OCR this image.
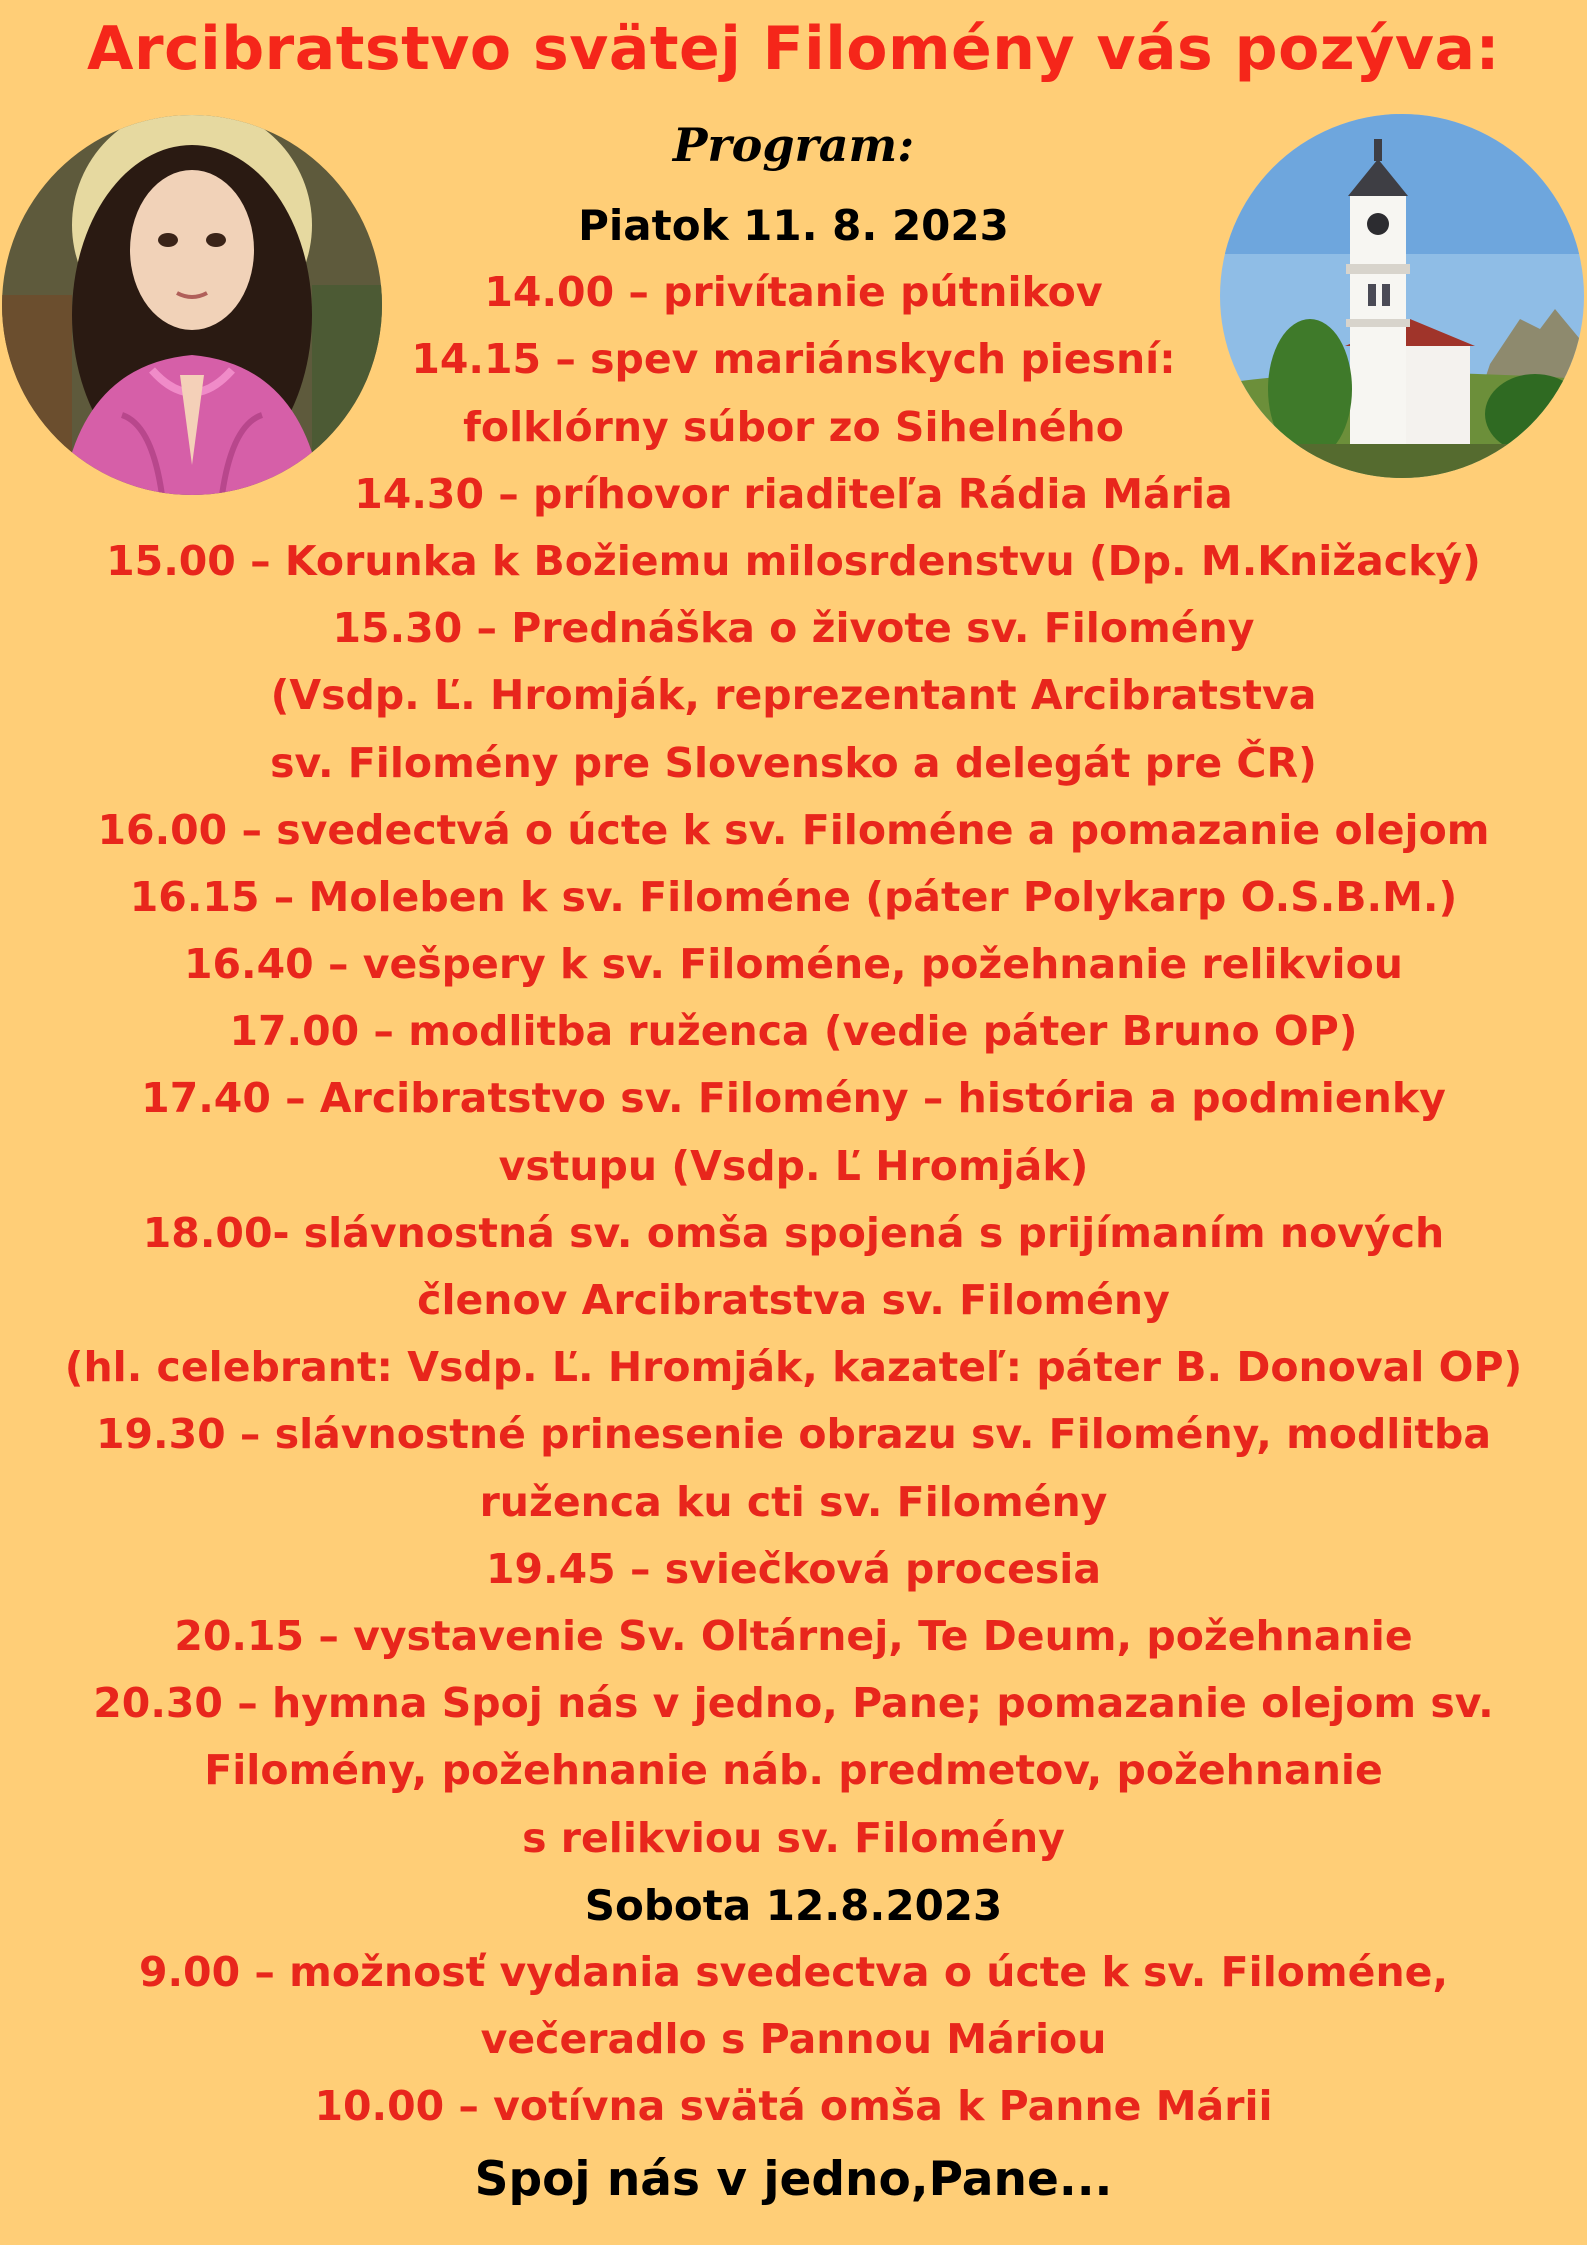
Arcibratstvo svätej Filomény vás pozýva:
Program:
Piatok 11. 8. 2023
14.00 – privítanie pútnikov
14.15 – spev mariánskych piesní:
folklórny súbor zo Sihelného
14.30 – príhovor riaditeľa Rádia Mária
15.00 – Korunka k Božiemu milosrdenstvu (Dp. M.Knižacký)
15.30 – Prednáška o živote sv. Filomény
(Vsdp. Ľ. Hromják, reprezentant Arcibratstva
sv. Filomény pre Slovensko a delegát pre ČR)
16.00 – svedectvá o úcte k sv. Filoméne a pomazanie olejom
16.15 – Moleben k sv. Filoméne (páter Polykarp O.S.B.M.)
16.40 – vešpery k sv. Filoméne, požehnanie relikviou
17.00 – modlitba ruženca (vedie páter Bruno OP)
17.40 – Arcibratstvo sv. Filomény – história a podmienky
vstupu (Vsdp. Ľ Hromják)
18.00- slávnostná sv. omša spojená s prijímaním nových
členov Arcibratstva sv. Filomény
(hl. celebrant: Vsdp. Ľ. Hromják, kazateľ: páter B. Donoval OP)
19.30 – slávnostné prinesenie obrazu sv. Filomény, modlitba
ruženca ku cti sv. Filomény
19.45 – sviečková procesia
20.15 – vystavenie Sv. Oltárnej, Te Deum, požehnanie
20.30 – hymna Spoj nás v jedno, Pane; pomazanie olejom sv.
Filomény, požehnanie náb. predmetov, požehnanie
s relikviou sv. Filomény
Sobota 12.8.2023
9.00 – možnosť vydania svedectva o úcte k sv. Filoméne,
večeradlo s Pannou Máriou
10.00 – votívna svätá omša k Panne Márii
Spoj nás v jedno,Pane...
